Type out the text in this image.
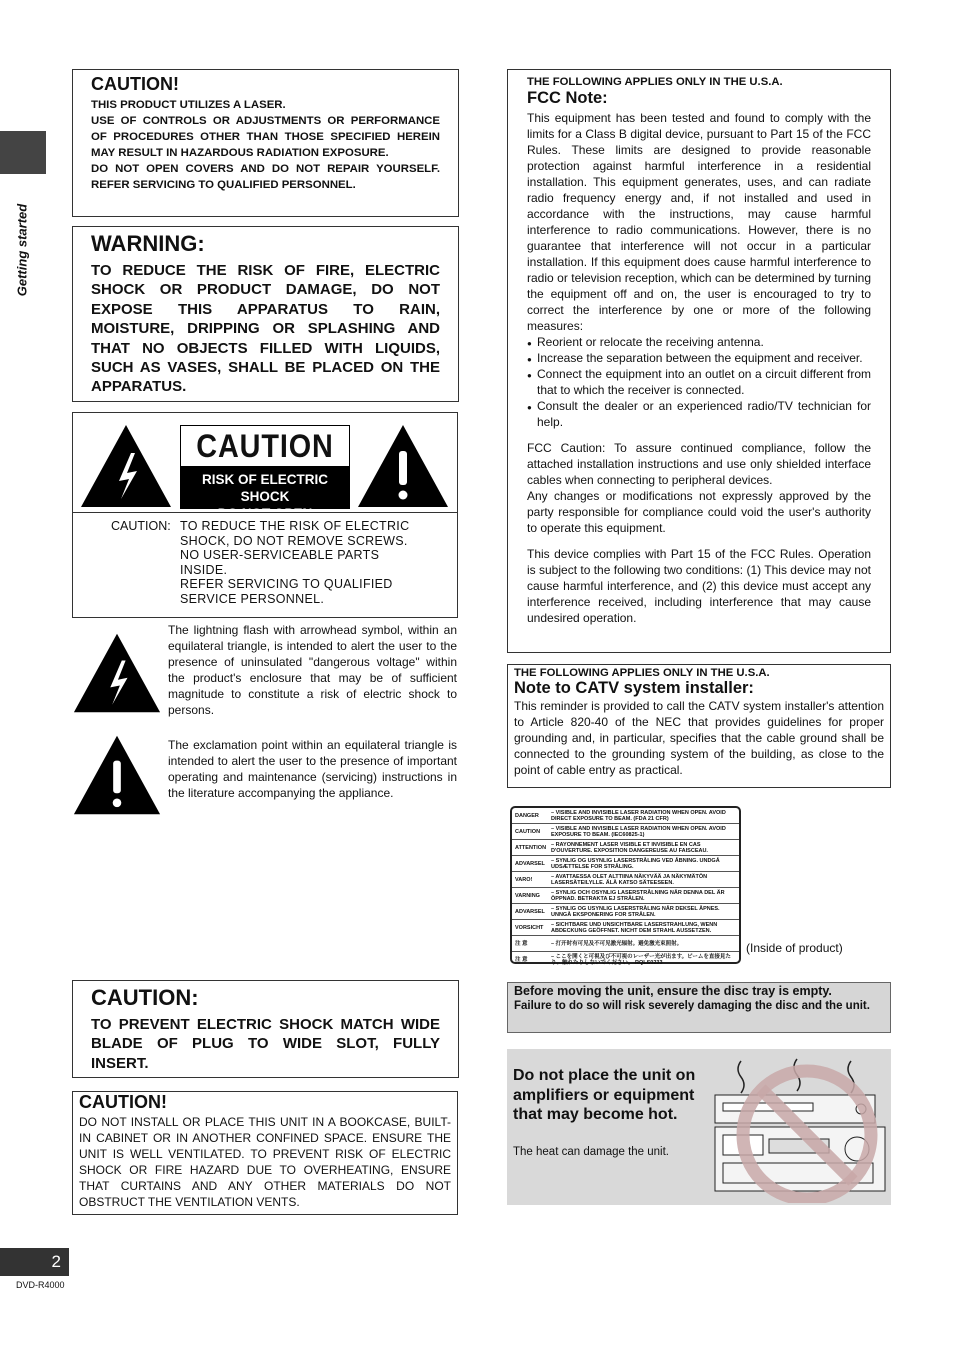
Getting started
CAUTION!
THIS PRODUCT UTILIZES A LASER.
USE OF CONTROLS OR ADJUSTMENTS OR PERFORMANCE OF PROCEDURES OTHER THAN THOSE SPECIFIED HEREIN MAY RESULT IN HAZARDOUS RADIATION EXPOSURE.
DO NOT OPEN COVERS AND DO NOT REPAIR YOURSELF. REFER SERVICING TO QUALIFIED PERSONNEL.
WARNING:
TO REDUCE THE RISK OF FIRE, ELECTRIC SHOCK OR PRODUCT DAMAGE, DO NOT EXPOSE THIS APPARATUS TO RAIN, MOISTURE, DRIPPING OR SPLASHING AND THAT NO OBJECTS FILLED WITH LIQUIDS, SUCH AS VASES, SHALL BE PLACED ON THE APPARATUS.
CAUTION
RISK OF ELECTRIC SHOCK
DO NOT OPEN
CAUTION: TO REDUCE THE RISK OF ELECTRIC
SHOCK, DO NOT REMOVE SCREWS.
NO USER-SERVICEABLE PARTS
INSIDE.
REFER SERVICING TO QUALIFIED
SERVICE PERSONNEL.
The lightning flash with arrowhead symbol, within an equilateral triangle, is intended to alert the user to the presence of uninsulated "dangerous voltage" within the product's enclosure that may be of sufficient magnitude to constitute a risk of electric shock to persons.
The exclamation point within an equilateral triangle is intended to alert the user to the presence of important operating and maintenance (servicing) instructions in the literature accompanying the appliance.
CAUTION:
TO PREVENT ELECTRIC SHOCK MATCH WIDE BLADE OF PLUG TO WIDE SLOT, FULLY INSERT.
CAUTION!
DO NOT INSTALL OR PLACE THIS UNIT IN A BOOKCASE, BUILT-IN CABINET OR IN ANOTHER CONFINED SPACE. ENSURE THE UNIT IS WELL VENTILATED. TO PREVENT RISK OF ELECTRIC SHOCK OR FIRE HAZARD DUE TO OVERHEATING, ENSURE THAT CURTAINS AND ANY OTHER MATERIALS DO NOT OBSTRUCT THE VENTILATION VENTS.
THE FOLLOWING APPLIES ONLY IN THE U.S.A.
FCC Note:
This equipment has been tested and found to comply with the limits for a Class B digital device, pursuant to Part 15 of the FCC Rules. These limits are designed to provide reasonable protection against harmful interference in a residential installation. This equipment generates, uses, and can radiate radio frequency energy and, if not installed and used in accordance with the instructions, may cause harmful interference to radio communications. However, there is no guarantee that interference will not occur in a particular installation. If this equipment does cause harmful interference to radio or television reception, which can be determined by turning the equipment off and on, the user is encouraged to try to correct the interference by one or more of the following measures:
● Reorient or relocate the receiving antenna.
● Increase the separation between the equipment and receiver.
● Connect the equipment into an outlet on a circuit different from that to which the receiver is connected.
● Consult the dealer or an experienced radio/TV technician for help.
FCC Caution: To assure continued compliance, follow the attached installation instructions and use only shielded interface cables when connecting to peripheral devices.
Any changes or modifications not expressly approved by the party responsible for compliance could void the user's authority to operate this equipment.
This device complies with Part 15 of the FCC Rules. Operation is subject to the following two conditions: (1) This device may not cause harmful interference, and (2) this device must accept any interference received, including interference that may cause undesired operation.
THE FOLLOWING APPLIES ONLY IN THE U.S.A.
Note to CATV system installer:
This reminder is provided to call the CATV system installer's attention to Article 820-40 of the NEC that provides guidelines for proper grounding and, in particular, specifies that the cable ground shall be connected to the grounding system of the building, as close to the point of cable entry as practical.
DANGER	– VISIBLE AND INVISIBLE LASER RADIATION WHEN OPEN. AVOID DIRECT EXPOSURE TO BEAM. (FDA 21 CFR)
CAUTION	– VISIBLE AND INVISIBLE LASER RADIATION WHEN OPEN. AVOID EXPOSURE TO BEAM. (IEC60825-1)
ATTENTION – RAYONNEMENT LASER VISIBLE ET INVISIBLE EN CAS D'OUVERTURE. EXPOSITION DANGEREUSE AU FAISCEAU.
ADVARSEL	– SYNLIG OG USYNLIG LASERSTRÅLING VED ÅBNING. UNDGÅ UDSÆTTELSE FOR STRÅLING.
VARO!	– AVATTAESSA OLET ALTTIINA NÄKYVÄÄ JA NÄKYMÄTÖN LASERSÄTEILYLLE. ÄLÄ KATSO SÄTEESEEN.
VARNING	– SYNLIG OCH OSYNLIG LASERSTRÅLNING NÄR DENNA DEL ÄR ÖPPNAD. BETRAKTA EJ STRÅLEN.
ADVARSEL	– SYNLIG OG USYNLIG LASERSTRÅLING NÅR DEKSEL ÅPNES. UNNGÅ EKSPONERING FOR STRÅLEN.
VORSICHT	– SICHTBARE UND UNSICHTBARE LASERSTRAHLUNG, WENN ABDECKUNG GEÖFFNET. NICHT DEM STRAHL AUSSETZEN.
注 意	– 打开时有可见及不可见激光辐射。避免激光束照射。
注 意	– ここを開くと可視及び不可視のレーザー光が出ます。ビームを直接見たり、触れたりしないでください。 RQLS0233
(Inside of product)
Before moving the unit, ensure the disc tray is empty.
Failure to do so will risk severely damaging the disc and the unit.
Do not place the unit on amplifiers or equipment that may become hot.
The heat can damage the unit.
2
DVD-R4000
